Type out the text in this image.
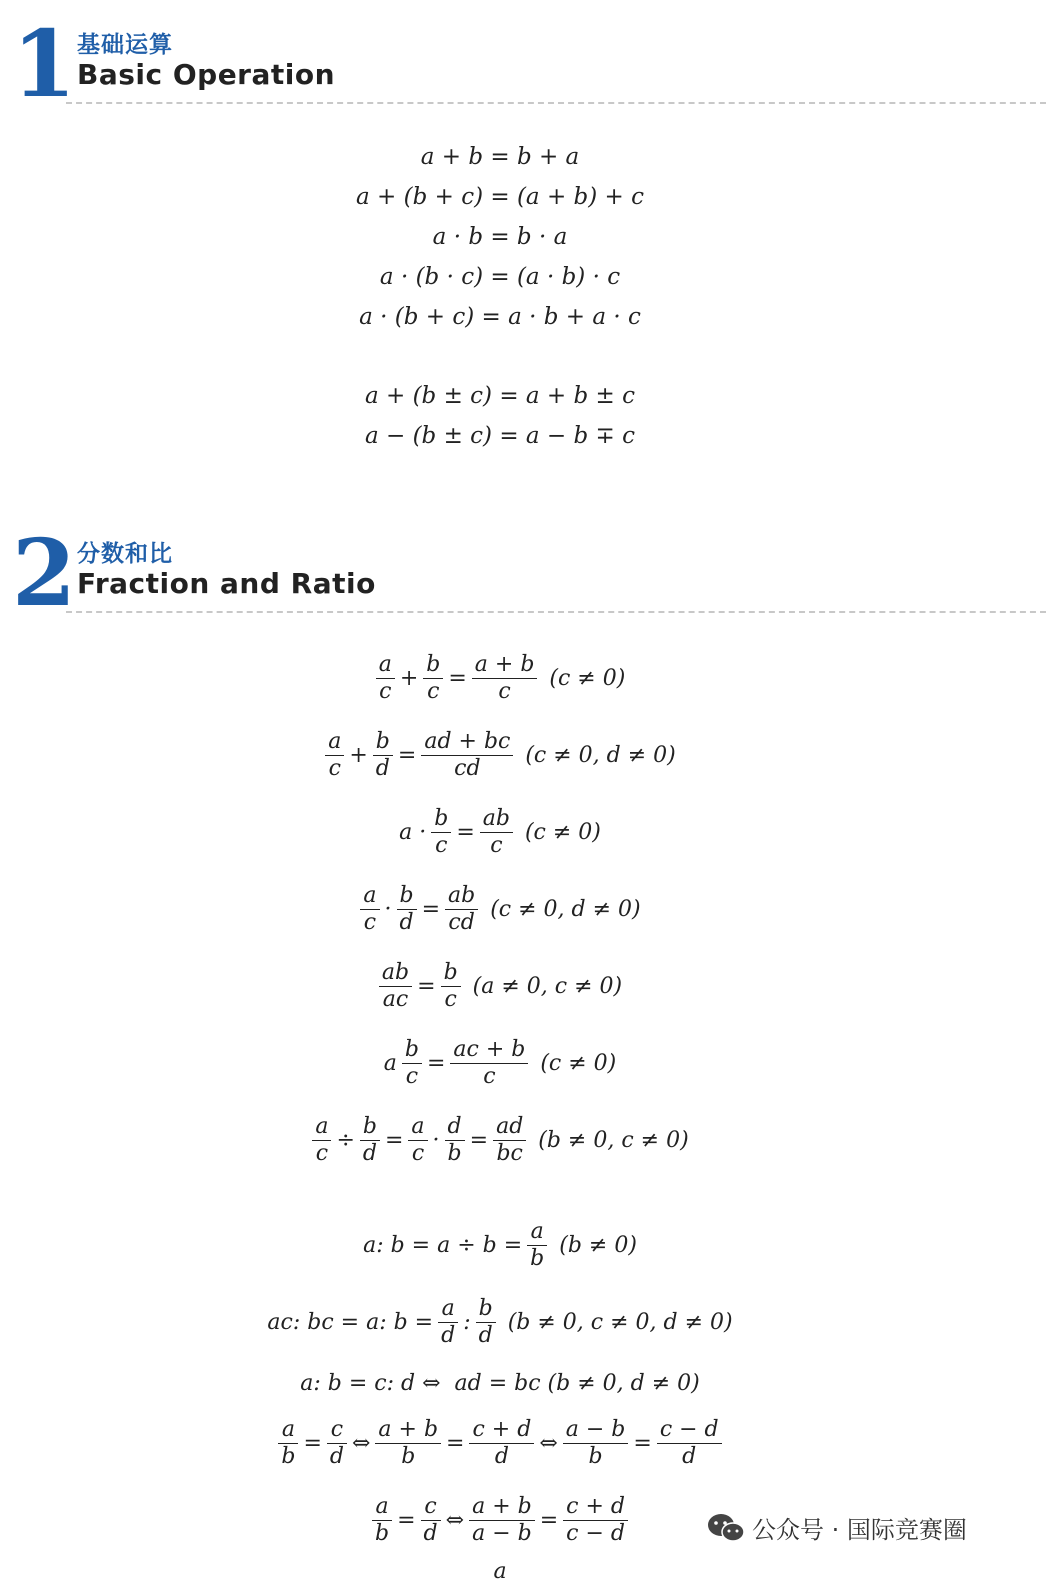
1 基础运算
Basic Operation
a + b = b + a
a + (b + c) = (a + b) + c
a · b = b · a
a · (b · c) = (a · b) · c
a · (b + c) = a · b + a · c
a + (b ± c) = a + b ± c
a − (b ± c) = a − b ∓ c
2 分数和比
Fraction and Ratio
$\frac{a}{c} + \frac{b}{c} = \frac{a + b}{c} (c \ne 0)$
$\frac{a}{c} + \frac{b}{d} = \frac{ad + bc}{cd} (c \ne 0$, d ≠ 0)
$a \cdot \frac{b}{c} = \frac{ab}{c} (c \ne 0)$
$\frac{a}{c} \cdot \frac{b}{d} = \frac{ab}{cd} (c \ne 0$, d ≠ 0)
$\frac{ab}{ac} = \frac{b}{c} (a \ne 0$, c ≠ 0)
a $\frac{b}{c} = \frac{ac + b}{c} (c \ne 0)$
$\frac{a}{c} \div \frac{b}{d} = \frac{a}{c} \cdot \frac{d}{b} = \frac{ad}{bc} (b \ne 0$, c ≠ 0)
a: $b = a \div b = \frac{a}{b} (b \ne 0)$
ac: bc = a: $b = \frac{a}{d}$ : $\frac{b}{d} (b \ne 0$, c ≠ 0, d ≠ 0)
a: b = c: d ⇔  ad = bc (b ≠ 0, d ≠ 0)
$\frac{a}{b} = \frac{c}{d}$ ⇔ $\frac{a + b}{b} = \frac{c + d}{d}$ ⇔ $\frac{a - b}{b} = \frac{c - d}{d}$
$\frac{a}{b} = \frac{c}{d}$ ⇔ $\frac{a + b}{a - b} = \frac{c + d}{c - d}$
a
公众号 · 国际竞赛圈
